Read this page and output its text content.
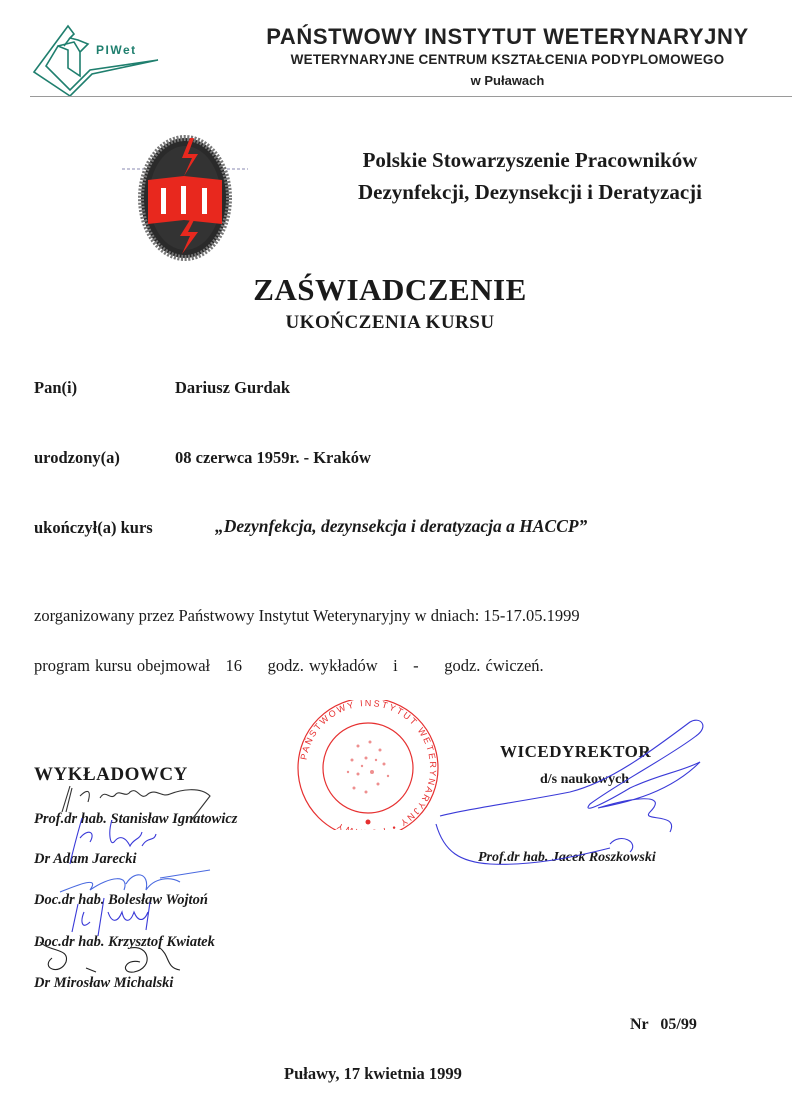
PIWet
PAŃSTWOWY INSTYTUT WETERYNARYJNY
WETERYNARYJNE CENTRUM KSZTAŁCENIA PODYPLOMOWEGO
w Puławach
Polskie Stowarzyszenie Pracowników
Dezynfekcji, Dezynsekcji i Deratyzacji
ZAŚWIADCZENIE
UKOŃCZENIA KURSU
Pan(i)	Dariusz Gurdak
urodzony(a)	08 czerwca 1959r. - Kraków
ukończył(a) kurs	„Dezynfekcja, dezynsekcja i deratyzacja a HACCP”
zorganizowany przez Państwowy Instytut Weterynaryjny w dniach: 15-17.05.1999
program kursu obejmował 16 godz. wykładów i - godz. ćwiczeń.
PAŃSTWOWY INSTYTUT WETERYNARYJNY • WY
WYKŁADOWCY
Prof.dr hab. Stanisław Ignatowicz
Dr Adam Jarecki
Doc.dr hab. Bolesław Wojtoń
Doc.dr hab. Krzysztof Kwiatek
Dr Mirosław Michalski
WICEDYREKTOR
d/s naukowych
Prof.dr hab. Jacek Roszkowski
Nr   05/99
Puławy, 17 kwietnia 1999
